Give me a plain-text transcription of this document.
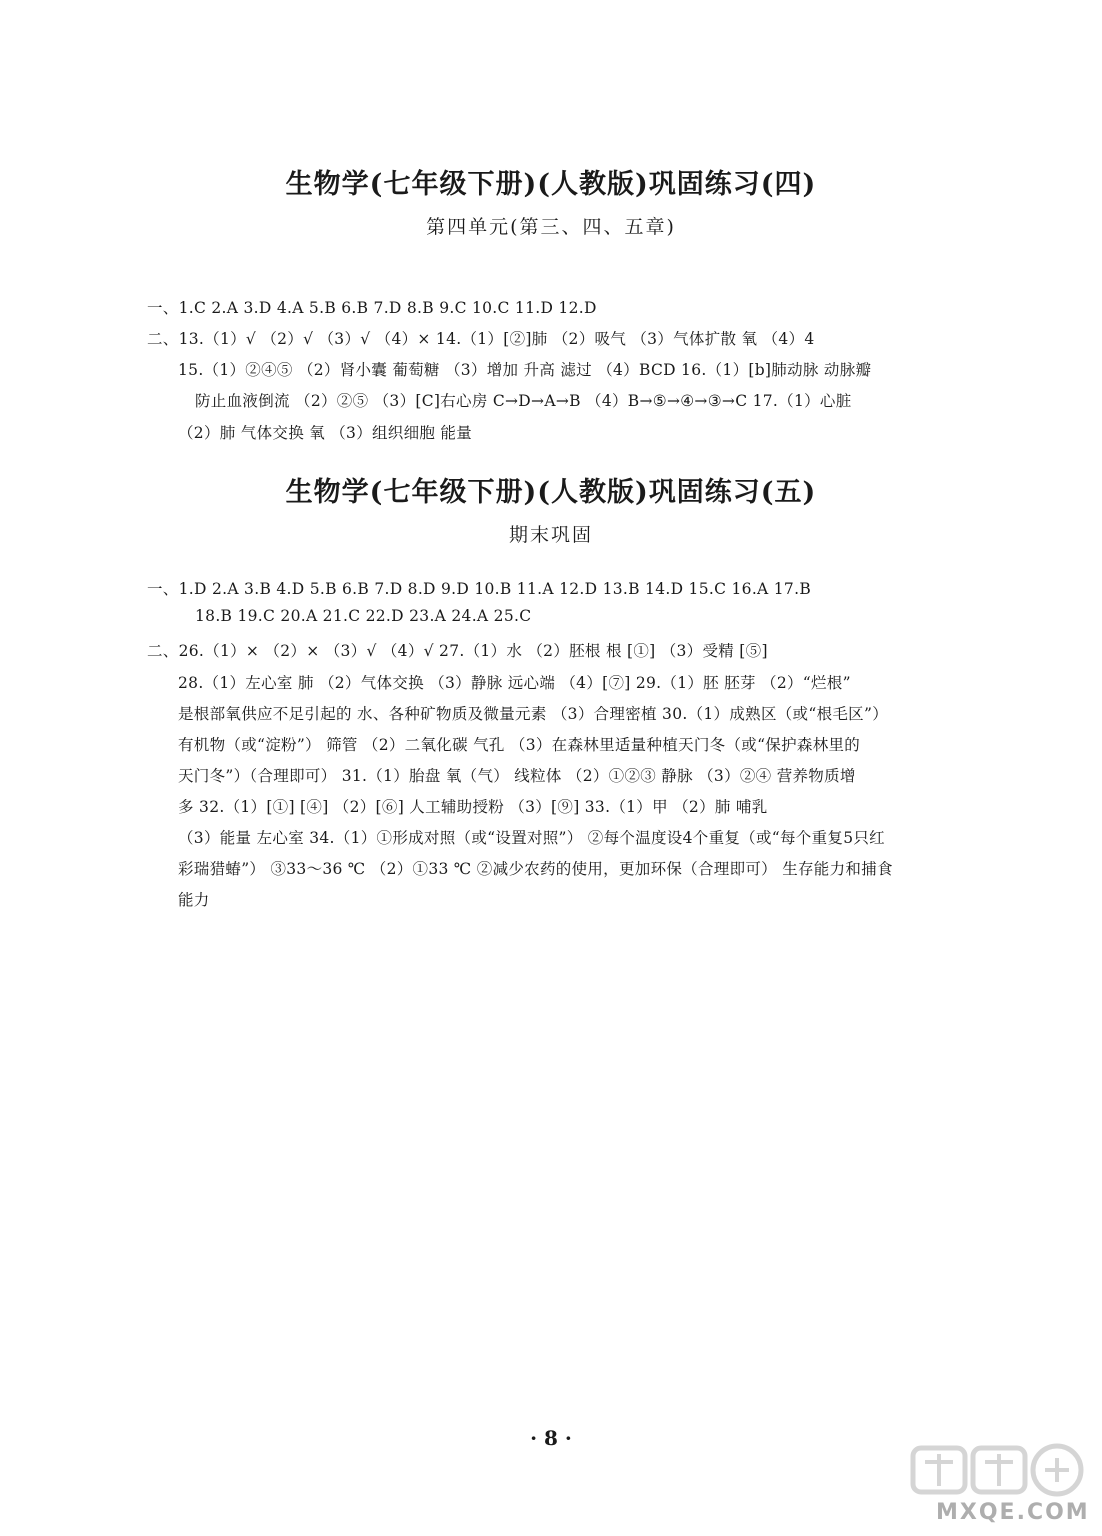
生物学(七年级下册)(人教版)巩固练习(四)
第四单元(第三、四、五章)
一、1.C 2.A 3.D 4.A 5.B 6.B 7.D 8.B 9.C 10.C 11.D 12.D
二、13.（1）√ （2）√ （3）√ （4）× 14.（1）[②]肺 （2）吸气 （3）气体扩散 氧 （4）4
15.（1）②④⑤ （2）肾小囊 葡萄糖 （3）增加 升高 滤过 （4）BCD 16.（1）[b]肺动脉 动脉瓣
防止血液倒流 （2）②⑤ （3）[C]右心房 C→D→A→B （4）B→⑤→④→③→C 17.（1）心脏
（2）肺 气体交换 氧 （3）组织细胞 能量
生物学(七年级下册)(人教版)巩固练习(五)
期末巩固
一、1.D 2.A 3.B 4.D 5.B 6.B 7.D 8.D 9.D 10.B 11.A 12.D 13.B 14.D 15.C 16.A 17.B
18.B 19.C 20.A 21.C 22.D 23.A 24.A 25.C
二、26.（1）× （2）× （3）√ （4）√ 27.（1）水 （2）胚根 根 [①] （3）受精 [⑤]
28.（1）左心室 肺 （2）气体交换 （3）静脉 远心端 （4）[⑦] 29.（1）胚 胚芽 （2）“烂根”
是根部氧供应不足引起的 水、各种矿物质及微量元素 （3）合理密植 30.（1）成熟区（或“根毛区”）
有机物（或“淀粉”） 筛管 （2）二氧化碳 气孔 （3）在森林里适量种植天门冬（或“保护森林里的
天门冬”）（合理即可） 31.（1）胎盘 氧（气） 线粒体 （2）①②③ 静脉 （3）②④ 营养物质增
多 32.（1）[①] [④] （2）[⑥] 人工辅助授粉 （3）[⑨] 33.（1）甲 （2）肺 哺乳
（3）能量 左心室 34.（1）①形成对照（或“设置对照”） ②每个温度设4个重复（或“每个重复5只红
彩瑞猎蝽”） ③33～36 ℃ （2）①33 ℃ ②减少农药的使用，更加环保（合理即可） 生存能力和捕食
能力
· 8 ·
MXQE.COM
